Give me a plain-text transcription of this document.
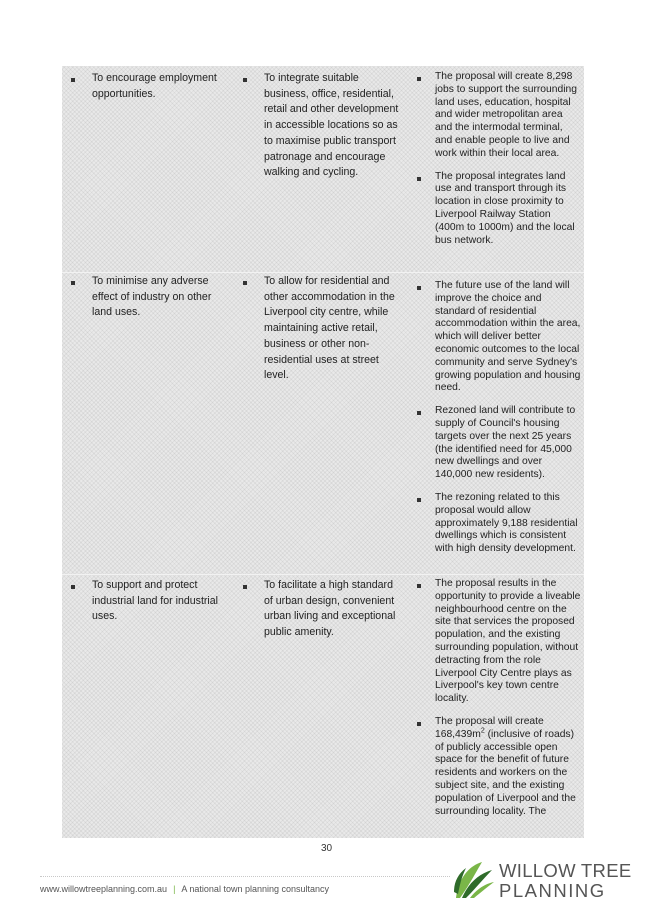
To encourage employment opportunities.
To integrate suitable business, office, residential, retail and other development in accessible locations so as to maximise public transport patronage and encourage walking and cycling.
The proposal will create 8,298 jobs to support the surrounding land uses, education, hospital and wider metropolitan area and the intermodal terminal, and enable people to live and work within their local area.
The proposal integrates land use and transport through its location in close proximity to Liverpool Railway Station (400m to 1000m) and the local bus network.
To minimise any adverse effect of industry on other land uses.
To allow for residential and other accommodation in the Liverpool city centre, while maintaining active retail, business or other non-residential uses at street level.
The future use of the land will improve the choice and standard of residential accommodation within the area, which will deliver better economic outcomes to the local community and serve Sydney's growing population and housing need.
Rezoned land will contribute to supply of Council's housing targets over the next 25 years (the identified need for 45,000 new dwellings and over 140,000 new residents).
The rezoning related to this proposal would allow approximately 9,188 residential dwellings which is consistent with high density development.
To support and protect industrial land for industrial uses.
To facilitate a high standard of urban design, convenient urban living and exceptional public amenity.
The proposal results in the opportunity to provide a liveable neighbourhood centre on the site that services the proposed population, and the existing surrounding population, without detracting from the role Liverpool City Centre plays as Liverpool's key town centre locality.
The proposal will create $168,439m^2$ (inclusive of roads) of publicly accessible open space for the benefit of future residents and workers on the subject site, and the existing population of Liverpool and the surrounding locality. The
30
www.willowtreeplanning.com.au | A national town planning consultancy
WILLOW TREE
PLANNING
